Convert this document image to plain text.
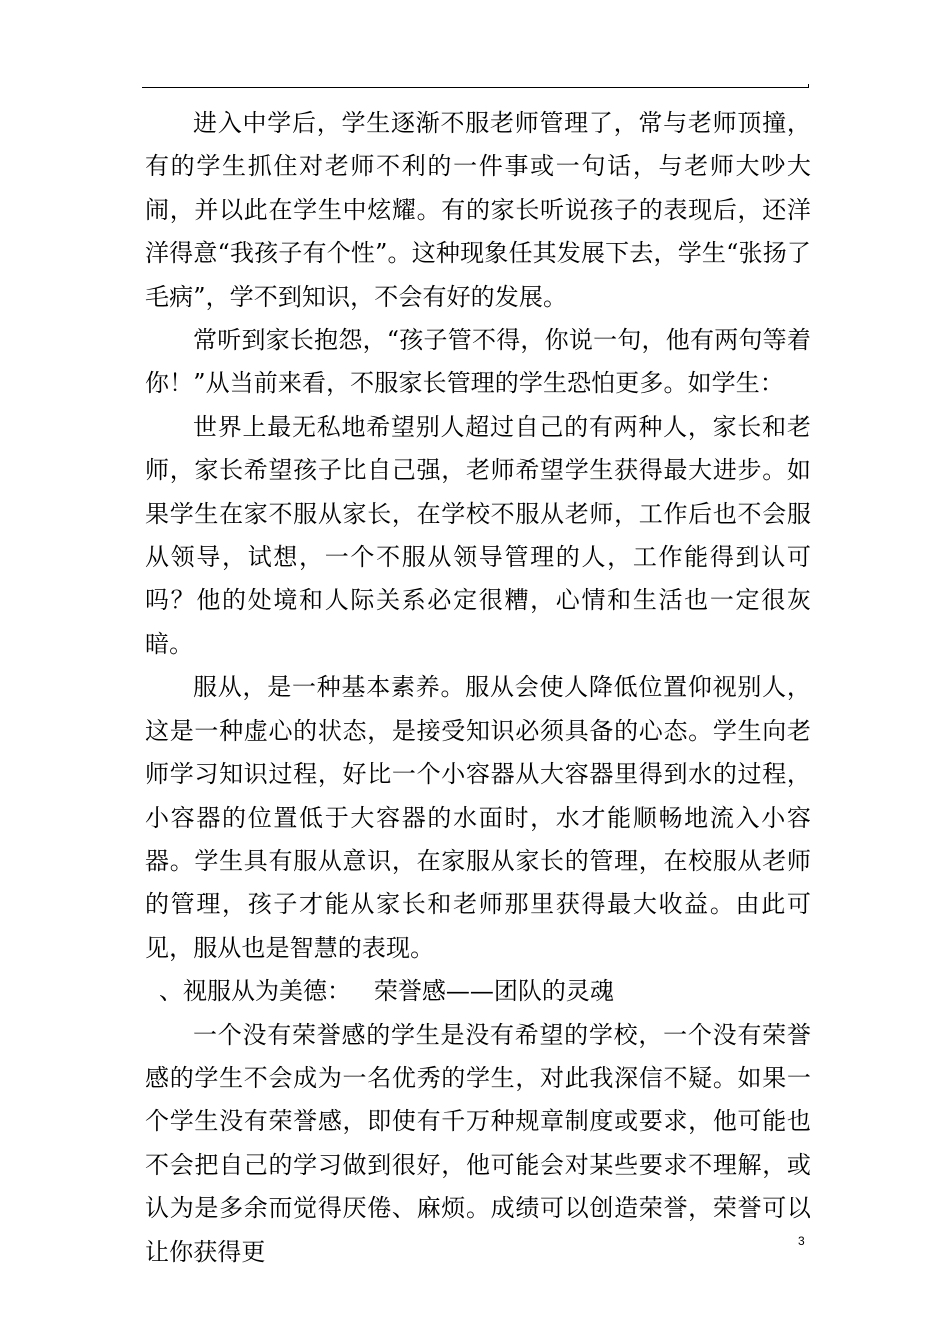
进入中学后，学生逐渐不服老师管理了，常与老师顶撞，有的学生抓住对老师不利的一件事或一句话，与老师大吵大闹，并以此在学生中炫耀。有的家长听说孩子的表现后，还洋洋得意“我孩子有个性”。这种现象任其发展下去，学生“张扬了毛病”，学不到知识，不会有好的发展。

常听到家长抱怨，“孩子管不得，你说一句，他有两句等着你！”从当前来看，不服家长管理的学生恐怕更多。如学生：

世界上最无私地希望别人超过自己的有两种人，家长和老师，家长希望孩子比自己强，老师希望学生获得最大进步。如果学生在家不服从家长，在学校不服从老师，工作后也不会服从领导，试想，一个不服从领导管理的人，工作能得到认可吗？他的处境和人际关系必定很糟，心情和生活也一定很灰暗。

服从，是一种基本素养。服从会使人降低位置仰视别人，这是一种虚心的状态，是接受知识必须具备的心态。学生向老师学习知识过程，好比一个小容器从大容器里得到水的过程，小容器的位置低于大容器的水面时，水才能顺畅地流入小容器。学生具有服从意识，在家服从家长的管理，在校服从老师的管理，孩子才能从家长和老师那里获得最大收益。由此可见，服从也是智慧的表现。

、视服从为美德：   荣誉感——团队的灵魂

一个没有荣誉感的学生是没有希望的学校，一个没有荣誉感的学生不会成为一名优秀的学生，对此我深信不疑。如果一个学生没有荣誉感，即使有千万种规章制度或要求，他可能也不会把自己的学习做到很好，他可能会对某些要求不理解，或认为是多余而觉得厌倦、麻烦。成绩可以创造荣誉，荣誉可以让你获得更	3
